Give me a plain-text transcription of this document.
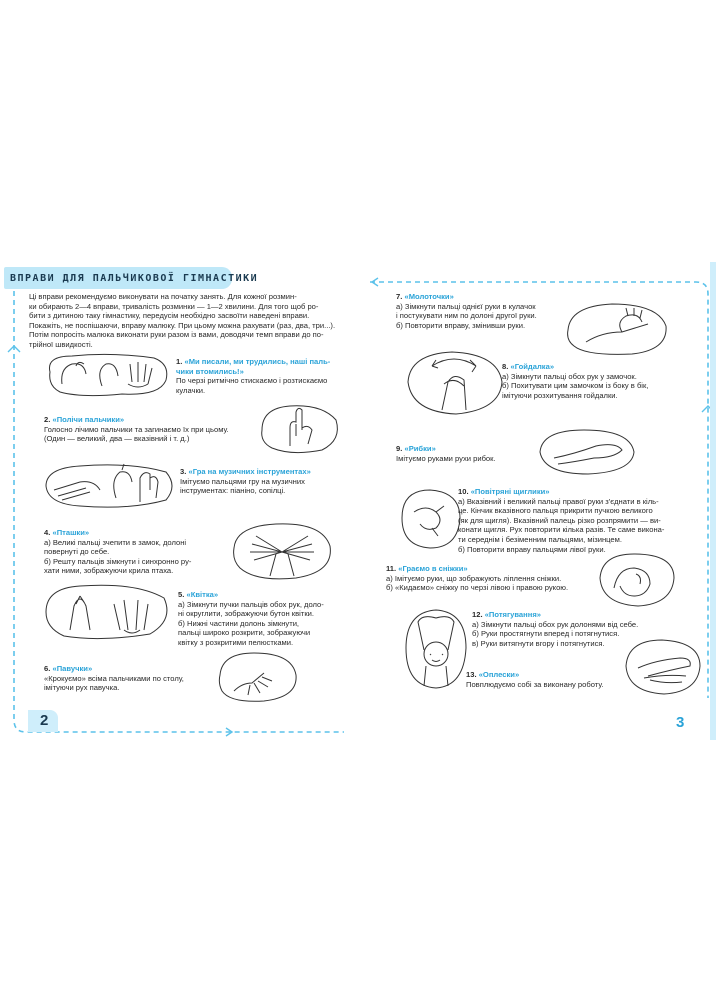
ВПРАВИ ДЛЯ ПАЛЬЧИКОВОЇ ГІМНАСТИКИ
Ці вправи рекомендуємо виконувати на початку занять. Для кожної розмин-
ки обирають 2—4 вправи, тривалість розминки — 1—2 хвилини. Для того щоб ро-
бити з дитиною таку гімнастику, передусім необхідно засвоїти наведені вправи.
Покажіть, не поспішаючи, вправу малюку. При цьому можна рахувати (раз, два, три...).
Потім попросіть малюка виконати руки разом із вами, доводячи темп вправи до по-
трійної швидкості.
1. «Ми писали, ми трудились, наші паль-
чики втомились!»
По черзі ритмічно стискаємо і розтискаємо
кулачки.
2. «Полічи пальчики»
Голосно лічимо пальчики та загинаємо їх при цьому.
(Один — великий, два — вказівний і т. д.)
3. «Гра на музичних інструментах»
Імітуємо пальцями гру на музичних
інструментах: піаніно, сопілці.
4. «Пташки»
а) Великі пальці зчепити в замок, долоні
повернуті до себе.
б) Решту пальців зімкнути і синхронно ру-
хати ними, зображуючи крила птаха.
5. «Квітка»
а) Зімкнути пучки пальців обох рук, доло-
ні округлити, зображуючи бутон квітки.
б) Нижні частини долонь зімкнути,
пальці широко розкрити, зображуючи
квітку з розкритими пелюстками.
6. «Павучки»
«Крокуємо» всіма пальчиками по столу,
імітуючи рух павучка.
2
7. «Молоточки»
а) Зімкнути пальці однієї руки в кулачок
і постукувати ним по долоні другої руки.
б) Повторити вправу, змінивши руки.
8. «Гойдалка»
а) Зімкнути пальці обох рук у замочок.
б) Похитувати цим замочком із боку в бік,
імітуючи розхитування гойдалки.
9. «Рибки»
Імітуємо руками рухи рибок.
10. «Повітряні щиглики»
а) Вказівний і великий пальці правої руки з'єднати в кіль-
це. Кінчик вказівного пальця прикрити пучкою великого
(як для щигля). Вказівний палець різко розпрямити — ви-
конати щигля. Рух повторити кілька разів. Те саме викона-
ти середнім і безіменним пальцями, мізинцем.
б) Повторити вправу пальцями лівої руки.
11. «Граємо в сніжки»
а) Імітуємо руки, що зображують ліплення сніжки.
б) «Кидаємо» сніжку по черзі лівою і правою рукою.
12. «Потягування»
а) Зімкнути пальці обох рук долонями від себе.
б) Руки простягнути вперед і потягнутися.
в) Руки витягнути вгору і потягнутися.
13. «Оплески»
Повплюдуємо собі за виконану роботу.
3
